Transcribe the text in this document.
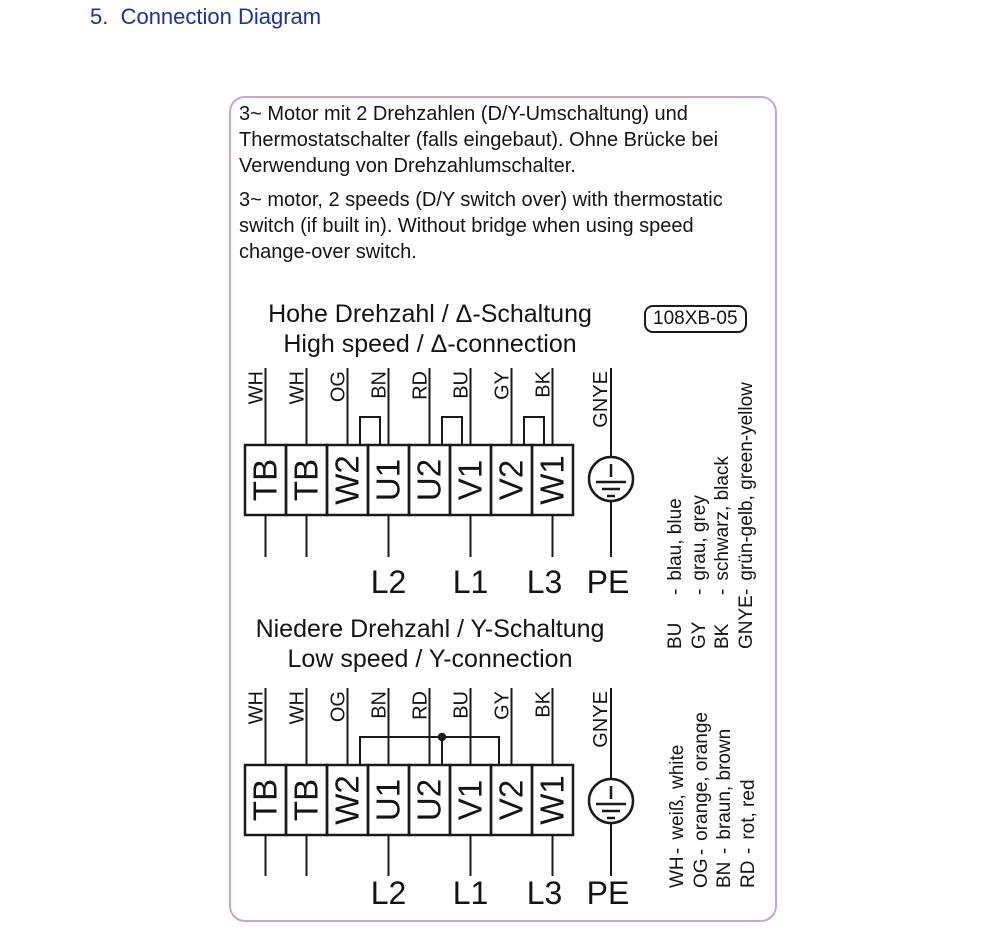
5.  Connection Diagram
3~ Motor mit 2 Drehzahlen (D/Y-Umschaltung) und
Thermostatschalter (falls eingebaut). Ohne Brücke bei
Verwendung von Drehzahlumschalter.
3~ motor, 2 speeds (D/Y switch over) with thermostatic
switch (if built in). Without bridge when using speed
change-over switch.
Hohe Drehzahl / Δ-Schaltung
High speed / Δ-connection
108XB-05
Niedere Drehzahl / Y-Schaltung
Low speed / Y-connection
BU
-
blau, blue
GY
-
grau, grey
BK
-
schwarz, black
GNYE
-
grün-gelb, green-yellow
WH
-
weiß, white
OG
-
orange, orange
BN
-
braun, brown
RD
-
rot, red
WH
TB
WH
TB
OG
W2
BN
U1
RD
U2
BU
V1
GY
V2
BK
W1
GNYE
L2 L1 L3 PE
WH
TB
WH
TB
OG
W2
BN
U1
RD
U2
BU
V1
GY
V2
BK
W1
GNYE
L2 L1 L3 PE
